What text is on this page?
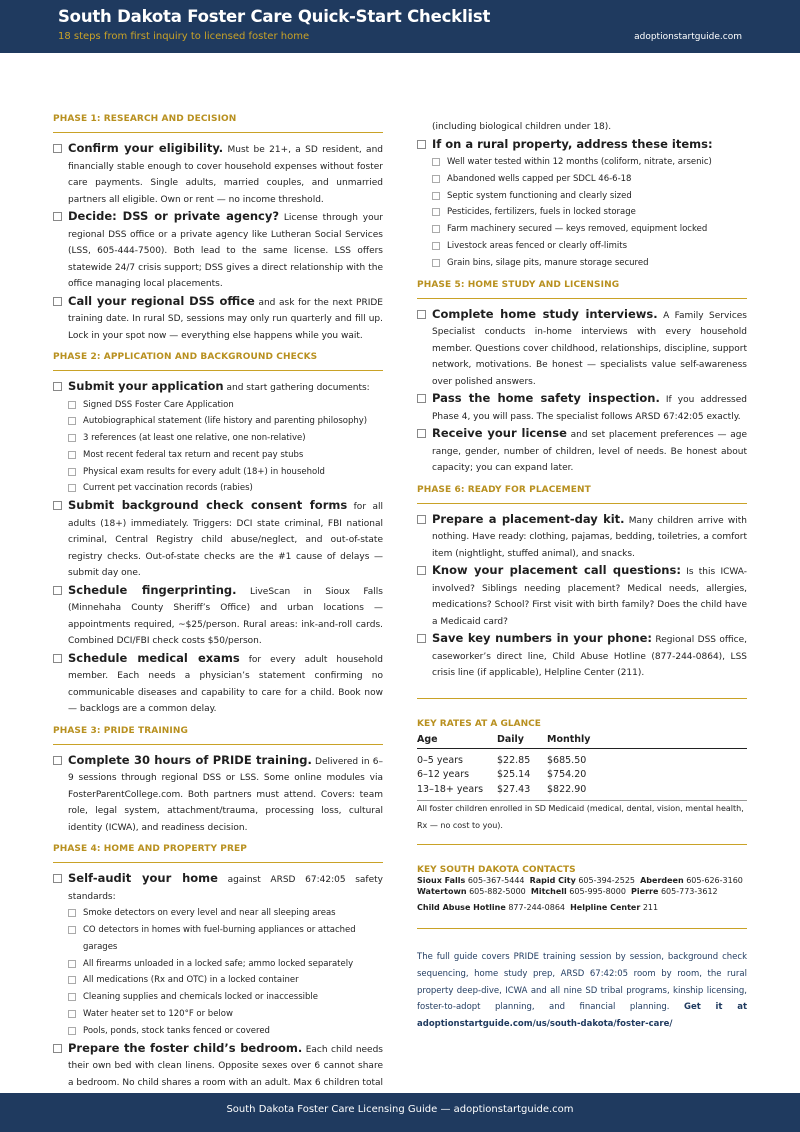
South Dakota Foster Care Quick-Start Checklist
18 steps from first inquiry to licensed foster home	adoptionstartguide.com
PHASE 1: RESEARCH AND DECISION
Confirm your eligibility. Must be 21+, a SD resident, and financially stable enough to cover household expenses without foster care payments. Single adults, married couples, and unmarried partners all eligible. Own or rent — no income threshold.
Decide: DSS or private agency? License through your regional DSS office or a private agency like Lutheran Social Services (LSS, 605-444-7500). Both lead to the same license. LSS offers statewide 24/7 crisis support; DSS gives a direct relationship with the office managing local placements.
Call your regional DSS office and ask for the next PRIDE training date. In rural SD, sessions may only run quarterly and fill up. Lock in your spot now — everything else happens while you wait.
PHASE 2: APPLICATION AND BACKGROUND CHECKS
Submit your application and start gathering documents:
Signed DSS Foster Care Application
Autobiographical statement (life history and parenting philosophy)
3 references (at least one relative, one non-relative)
Most recent federal tax return and recent pay stubs
Physical exam results for every adult (18+) in household
Current pet vaccination records (rabies)
Submit background check consent forms for all adults (18+) immediately. Triggers: DCI state criminal, FBI national criminal, Central Registry child abuse/neglect, and out-of-state registry checks. Out-of-state checks are the #1 cause of delays — submit day one.
Schedule fingerprinting. LiveScan in Sioux Falls (Minnehaha County Sheriff’s Office) and urban locations — appointments required, ~$25/person. Rural areas: ink-and-roll cards. Combined DCI/FBI check costs $50/person.
Schedule medical exams for every adult household member. Each needs a physician’s statement confirming no communicable diseases and capability to care for a child. Book now — backlogs are a common delay.
PHASE 3: PRIDE TRAINING
Complete 30 hours of PRIDE training. Delivered in 6–9 sessions through regional DSS or LSS. Some online modules via FosterParentCollege.com. Both partners must attend. Covers: team role, legal system, attachment/trauma, processing loss, cultural identity (ICWA), and readiness decision.
PHASE 4: HOME AND PROPERTY PREP
Self-audit your home against ARSD 67:42:05 safety standards:
Smoke detectors on every level and near all sleeping areas
CO detectors in homes with fuel-burning appliances or attached garages
All firearms unloaded in a locked safe; ammo locked separately
All medications (Rx and OTC) in a locked container
Cleaning supplies and chemicals locked or inaccessible
Water heater set to 120°F or below
Pools, ponds, stock tanks fenced or covered
Prepare the foster child’s bedroom. Each child needs their own bed with clean linens. Opposite sexes over 6 cannot share a bedroom. No child shares a room with an adult. Max 6 children total
(including biological children under 18).
If on a rural property, address these items:
Well water tested within 12 months (coliform, nitrate, arsenic)
Abandoned wells capped per SDCL 46-6-18
Septic system functioning and clearly sized
Pesticides, fertilizers, fuels in locked storage
Farm machinery secured — keys removed, equipment locked
Livestock areas fenced or clearly off-limits
Grain bins, silage pits, manure storage secured
PHASE 5: HOME STUDY AND LICENSING
Complete home study interviews. A Family Services Specialist conducts in-home interviews with every household member. Questions cover childhood, relationships, discipline, support network, motivations. Be honest — specialists value self-awareness over polished answers.
Pass the home safety inspection. If you addressed Phase 4, you will pass. The specialist follows ARSD 67:42:05 exactly.
Receive your license and set placement preferences — age range, gender, number of children, level of needs. Be honest about capacity; you can expand later.
PHASE 6: READY FOR PLACEMENT
Prepare a placement-day kit. Many children arrive with nothing. Have ready: clothing, pajamas, bedding, toiletries, a comfort item (nightlight, stuffed animal), and snacks.
Know your placement call questions: Is this ICWA-involved? Siblings needing placement? Medical needs, allergies, medications? School? First visit with birth family? Does the child have a Medicaid card?
Save key numbers in your phone: Regional DSS office, caseworker’s direct line, Child Abuse Hotline (877-244-0864), LSS crisis line (if applicable), Helpline Center (211).
KEY RATES AT A GLANCE
Age	Daily	Monthly
0–5 years	$22.85	$685.50
6–12 years	$25.14	$754.20
13–18+ years	$27.43	$822.90
All foster children enrolled in SD Medicaid (medical, dental, vision, mental health, Rx — no cost to you).
KEY SOUTH DAKOTA CONTACTS
Sioux Falls 605-367-5444 Rapid City 605-394-2525 Aberdeen 605-626-3160
Watertown 605-882-5000 Mitchell 605-995-8000 Pierre 605-773-3612
Child Abuse Hotline 877-244-0864 Helpline Center 211
The full guide covers PRIDE training session by session, background check sequencing, home study prep, ARSD 67:42:05 room by room, the rural property deep-dive, ICWA and all nine SD tribal programs, kinship licensing, foster-to-adopt planning, and financial planning. Get it at adoptionstartguide.com/us/south-dakota/foster-care/
South Dakota Foster Care Licensing Guide — adoptionstartguide.com
